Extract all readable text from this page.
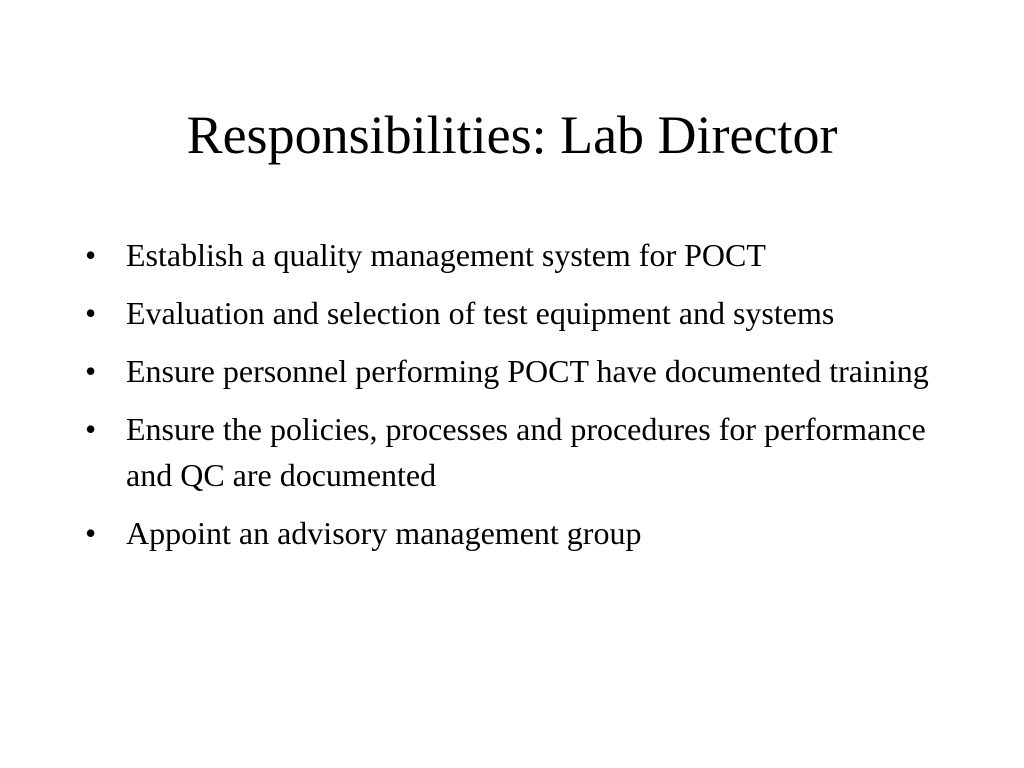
Responsibilities: Lab Director
• Establish a quality management system for POCT
• Evaluation and selection of test equipment and systems
• Ensure personnel performing POCT have documented training
• Ensure the policies, processes and procedures for performance and QC are documented
• Appoint an advisory management group
